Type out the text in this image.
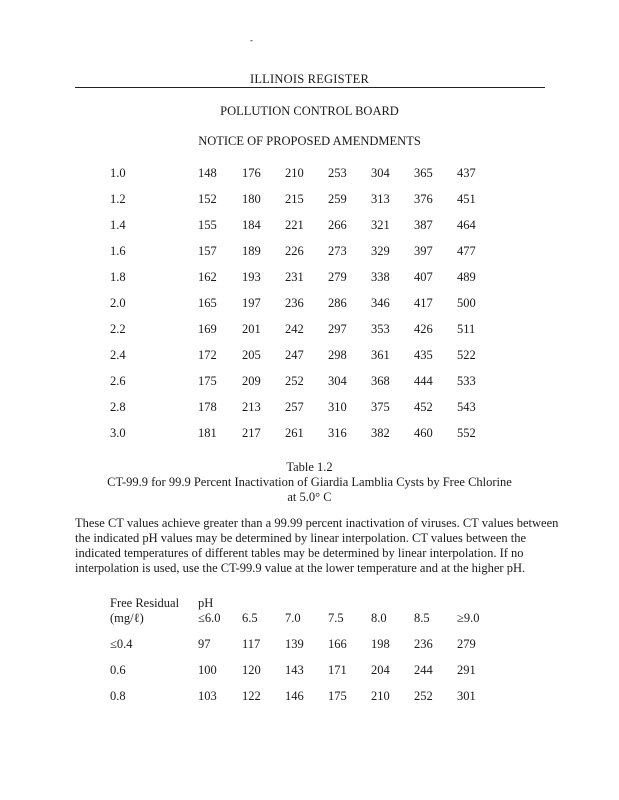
-
ILLINOIS REGISTER
POLLUTION CONTROL BOARD
NOTICE OF PROPOSED AMENDMENTS
1.0	148 176 210 253 304 365 437
1.2	152 180 215 259 313 376 451
1.4	155 184 221 266 321 387 464
1.6	157 189 226 273 329 397 477
1.8	162 193 231 279 338 407 489
2.0	165 197 236 286 346 417 500
2.2	169 201 242 297 353 426 511
2.4	172 205 247 298 361 435 522
2.6	175 209 252 304 368 444 533
2.8	178 213 257 310 375 452 543
3.0	181 217 261 316 382 460 552
Table 1.2
CT-99.9 for 99.9 Percent Inactivation of Giardia Lamblia Cysts by Free Chlorine
at 5.0° C
These CT values achieve greater than a 99.99 percent inactivation of viruses. CT values between
the indicated pH values may be determined by linear interpolation. CT values between the
indicated temperatures of different tables may be determined by linear interpolation. If no
interpolation is used, use the CT-99.9 value at the lower temperature and at the higher pH.
Free Residual pH
(mg/ℓ)	≤6.0 6.5 7.0 7.5 8.0 8.5 ≥9.0
≤0.4	97	117 139 166 198 236 279
0.6	100 120 143 171 204 244 291
0.8	103 122 146 175 210 252 301
